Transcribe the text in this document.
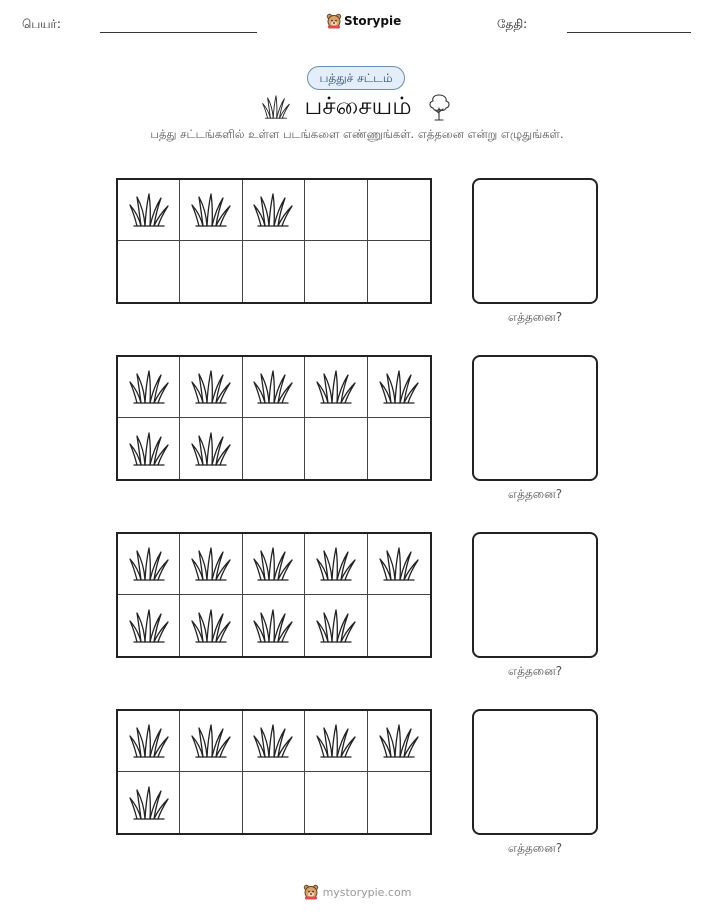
பெயர்:	Storypie	தேதி:
பத்துச் சட்டம்
பச்சையம்
பத்து சட்டங்களில் உள்ள படங்களை எண்ணுங்கள். எத்தனை என்று எழுதுங்கள்.
எத்தனை?
எத்தனை?
எத்தனை?
எத்தனை?
mystorypie.com
